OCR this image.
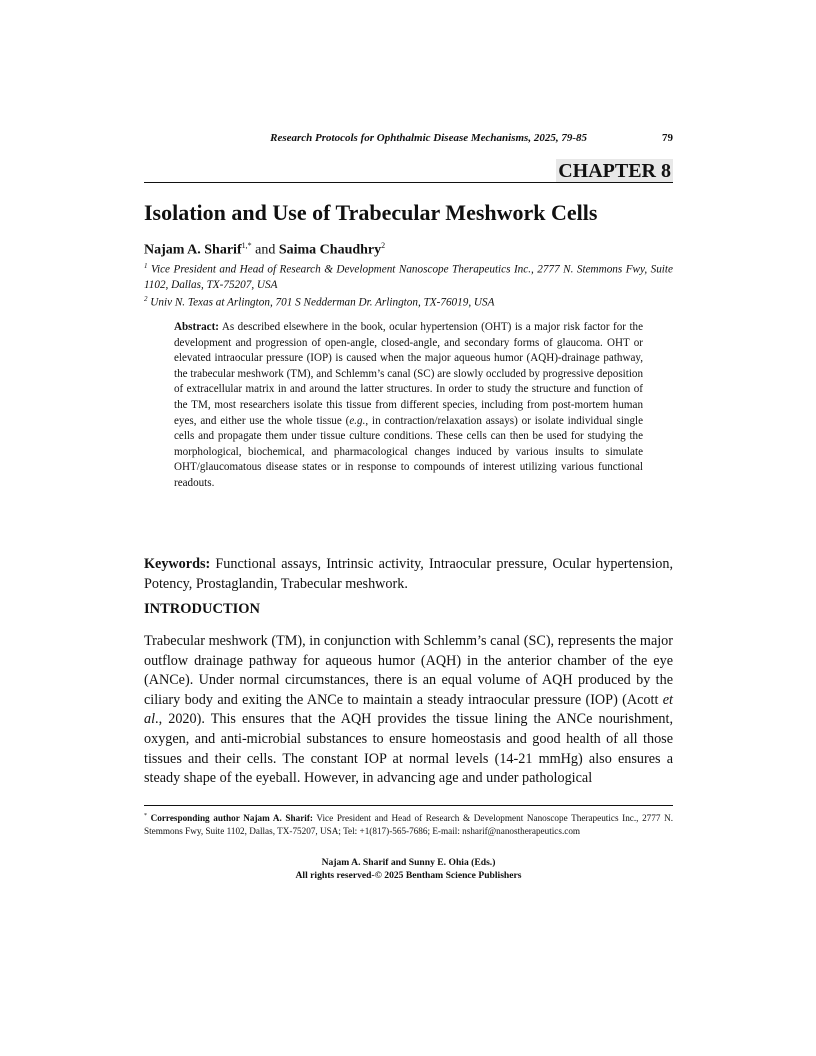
Research Protocols for Ophthalmic Disease Mechanisms, 2025, 79-85	79
CHAPTER 8
Isolation and Use of Trabecular Meshwork Cells
Najam A. Sharif$^{1,*}$ and Saima Chaudhry$^2$

$^1$ Vice President and Head of Research & Development Nanoscope Therapeutics Inc., 2777 N. Stemmons Fwy, Suite 1102, Dallas, TX-75207, USA

$^2$ Univ N. Texas at Arlington, 701 S Nedderman Dr. Arlington, TX-76019, USA

Abstract: As described elsewhere in the book, ocular hypertension (OHT) is a major risk factor for the development and progression of open-angle, closed-angle, and secondary forms of glaucoma. OHT or elevated intraocular pressure (IOP) is caused when the major aqueous humor (AQH)-drainage pathway, the trabecular meshwork (TM), and Schlemm’s canal (SC) are slowly occluded by progressive deposition of extracellular matrix in and around the latter structures. In order to study the structure and function of the TM, most researchers isolate this tissue from different species, including from post-mortem human eyes, and either use the whole tissue (e.g., in contraction/relaxation assays) or isolate individual single cells and propagate them under tissue culture conditions. These cells can then be used for studying the morphological, biochemical, and pharmacological changes induced by various insults to simulate OHT/glaucomatous disease states or in response to compounds of interest utilizing various functional readouts.

Keywords: Functional assays, Intrinsic activity, Intraocular pressure, Ocular hypertension, Potency, Prostaglandin, Trabecular meshwork.

INTRODUCTION

Trabecular meshwork (TM), in conjunction with Schlemm’s canal (SC), represents the major outflow drainage pathway for aqueous humor (AQH) in the anterior chamber of the eye (ANCe). Under normal circumstances, there is an equal volume of AQH produced by the ciliary body and exiting the ANCe to maintain a steady intraocular pressure (IOP) (Acott et al., 2020). This ensures that the AQH provides the tissue lining the ANCe nourishment, oxygen, and anti-microbial substances to ensure homeostasis and good health of all those tissues and their cells. The constant IOP at normal levels (14-21 mmHg) also ensures a steady shape of the eyeball. However, in advancing age and under pathological

* Corresponding author Najam A. Sharif: Vice President and Head of Research & Development Nanoscope Therapeutics Inc., 2777 N. Stemmons Fwy, Suite 1102, Dallas, TX-75207, USA; Tel: +1(817)-565-7686; E-mail: nsharif@nanostherapeutics.com

Najam A. Sharif and Sunny E. Ohia (Eds.)
All rights reserved-© 2025 Bentham Science Publishers
